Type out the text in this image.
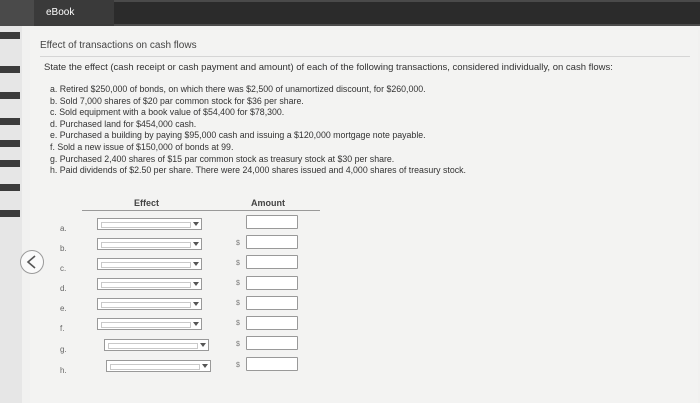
eBook
Effect of transactions on cash flows
State the effect (cash receipt or cash payment and amount) of each of the following transactions, considered individually, on cash flows:
a. Retired $250,000 of bonds, on which there was $2,500 of unamortized discount, for $260,000.
b. Sold 7,000 shares of $20 par common stock for $36 per share.
c. Sold equipment with a book value of $54,400 for $78,300.
d. Purchased land for $454,000 cash.
e. Purchased a building by paying $95,000 cash and issuing a $120,000 mortgage note payable.
f. Sold a new issue of $150,000 of bonds at 99.
g. Purchased 2,400 shares of $15 par common stock as treasury stock at $30 per share.
h. Paid dividends of $2.50 per share. There were 24,000 shares issued and 4,000 shares of treasury stock.
Effect	Amount
a.
b.
$
c.
$
d.
$
e.
$
f.
$
g.
$
h.
$
